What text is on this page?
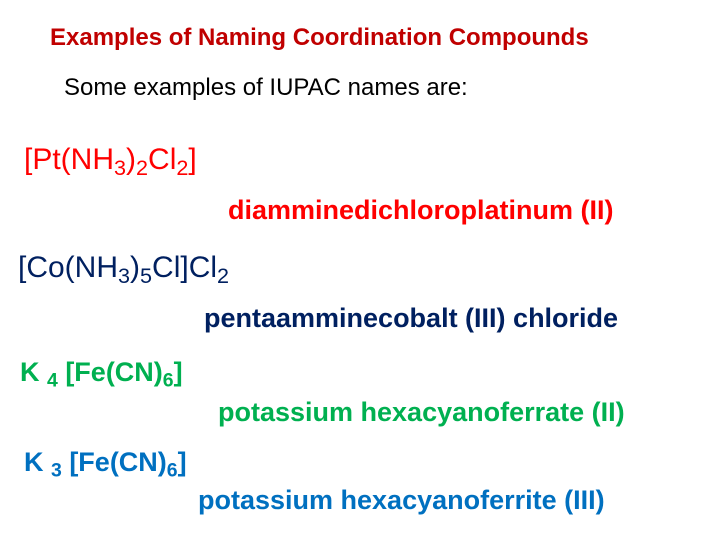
Examples of Naming Coordination Compounds
Some examples of IUPAC names are:
$[Pt(NH_3)_2Cl_2]$
diamminedichloroplatinum (II)
$[Co(NH_3)_5Cl]Cl_2$
pentaamminecobalt (III) chloride
K $_4$ $[Fe(CN)_6]$
potassium hexacyanoferrate (II)
K $_3$ $[Fe(CN)_6]$
potassium hexacyanoferrite (III)
